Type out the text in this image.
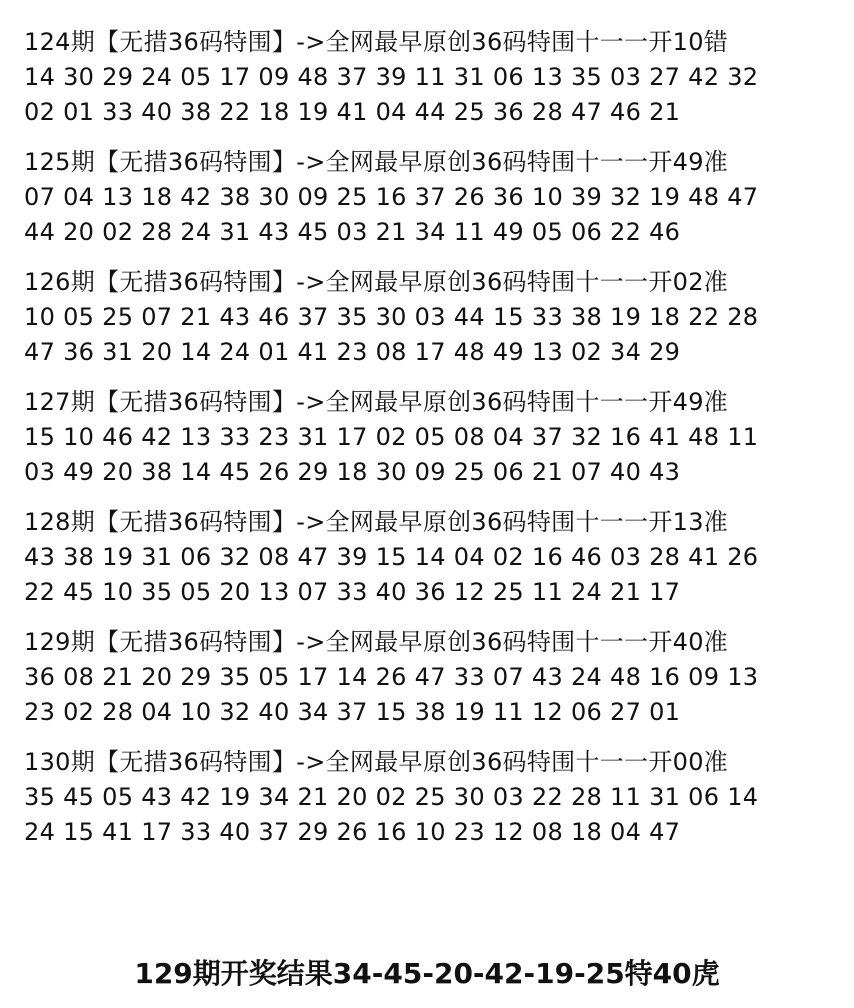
124期【无措36码特围】->全网最早原创36码特围十一一开10错
14 30 29 24 05 17 09 48 37 39 11 31 06 13 35 03 27 42 32
02 01 33 40 38 22 18 19 41 04 44 25 36 28 47 46 21
125期【无措36码特围】->全网最早原创36码特围十一一开49准
07 04 13 18 42 38 30 09 25 16 37 26 36 10 39 32 19 48 47
44 20 02 28 24 31 43 45 03 21 34 11 49 05 06 22 46
126期【无措36码特围】->全网最早原创36码特围十一一开02准
10 05 25 07 21 43 46 37 35 30 03 44 15 33 38 19 18 22 28
47 36 31 20 14 24 01 41 23 08 17 48 49 13 02 34 29
127期【无措36码特围】->全网最早原创36码特围十一一开49准
15 10 46 42 13 33 23 31 17 02 05 08 04 37 32 16 41 48 11
03 49 20 38 14 45 26 29 18 30 09 25 06 21 07 40 43
128期【无措36码特围】->全网最早原创36码特围十一一开13准
43 38 19 31 06 32 08 47 39 15 14 04 02 16 46 03 28 41 26
22 45 10 35 05 20 13 07 33 40 36 12 25 11 24 21 17
129期【无措36码特围】->全网最早原创36码特围十一一开40准
36 08 21 20 29 35 05 17 14 26 47 33 07 43 24 48 16 09 13
23 02 28 04 10 32 40 34 37 15 38 19 11 12 06 27 01
130期【无措36码特围】->全网最早原创36码特围十一一开00准
35 45 05 43 42 19 34 21 20 02 25 30 03 22 28 11 31 06 14
24 15 41 17 33 40 37 29 26 16 10 23 12 08 18 04 47
129期开奖结果34-45-20-42-19-25特40虎
